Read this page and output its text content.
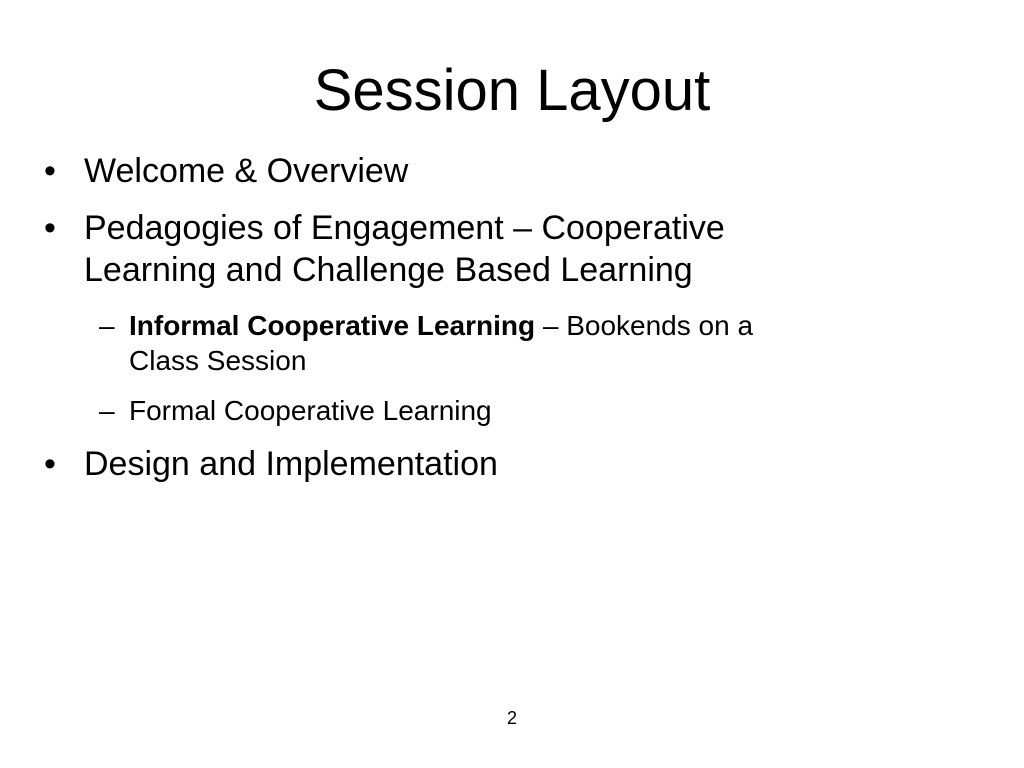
Session Layout
• Welcome & Overview
• Pedagogies of Engagement – Cooperative
Learning and Challenge Based Learning
– Informal Cooperative Learning – Bookends on a
Class Session
– Formal Cooperative Learning
• Design and Implementation
2
